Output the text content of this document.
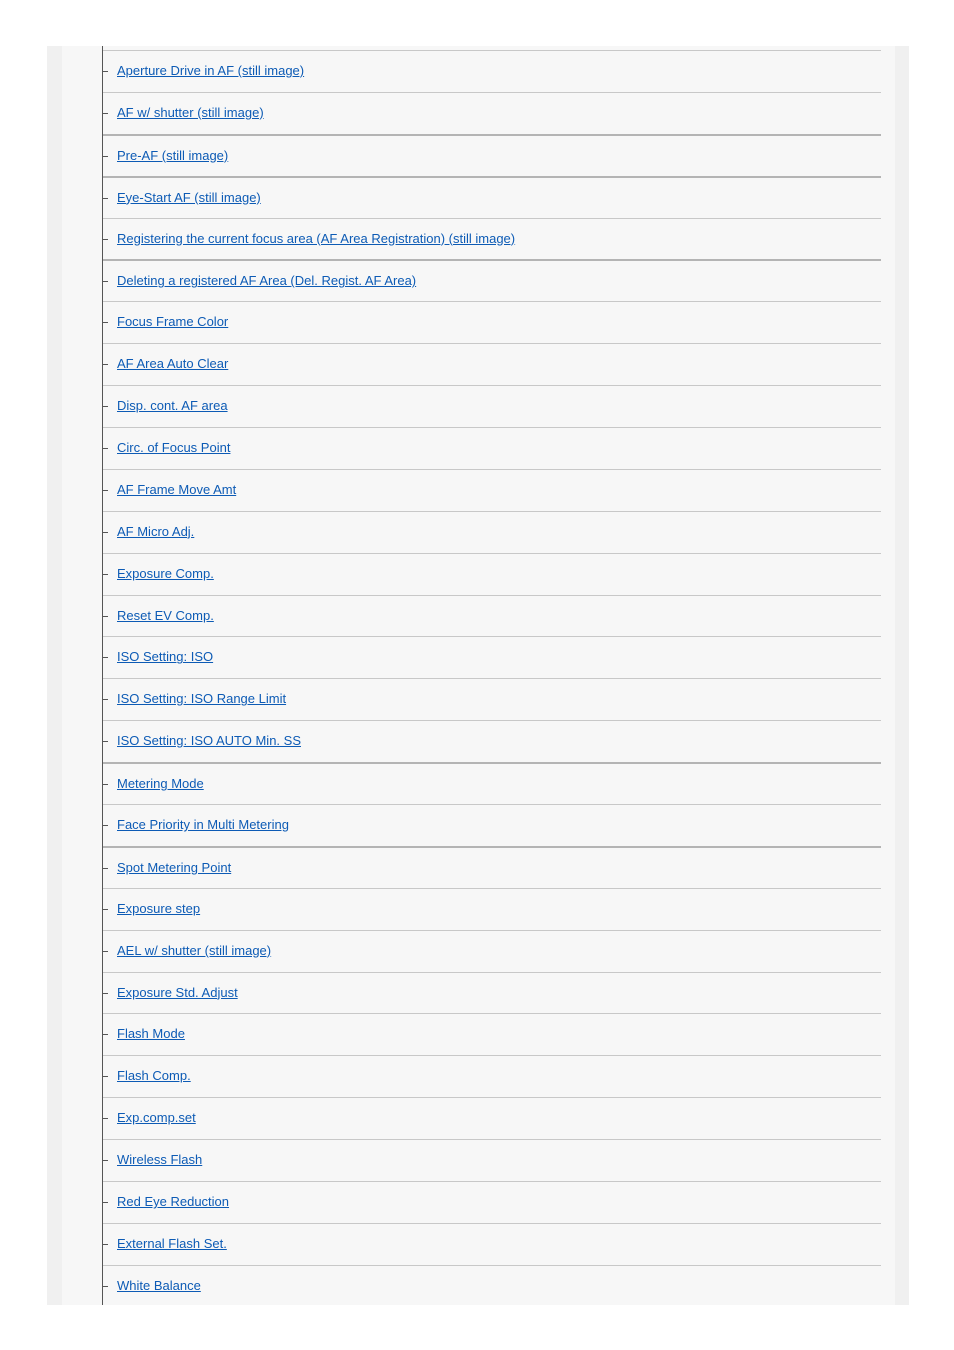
Aperture Drive in AF (still image)
AF w/ shutter (still image)
Pre-AF (still image)
Eye-Start AF (still image)
Registering the current focus area (AF Area Registration) (still image)
Deleting a registered AF Area (Del. Regist. AF Area)
Focus Frame Color
AF Area Auto Clear
Disp. cont. AF area
Circ. of Focus Point
AF Frame Move Amt
AF Micro Adj.
Exposure Comp.
Reset EV Comp.
ISO Setting: ISO
ISO Setting: ISO Range Limit
ISO Setting: ISO AUTO Min. SS
Metering Mode
Face Priority in Multi Metering
Spot Metering Point
Exposure step
AEL w/ shutter (still image)
Exposure Std. Adjust
Flash Mode
Flash Comp.
Exp.comp.set
Wireless Flash
Red Eye Reduction
External Flash Set.
White Balance
